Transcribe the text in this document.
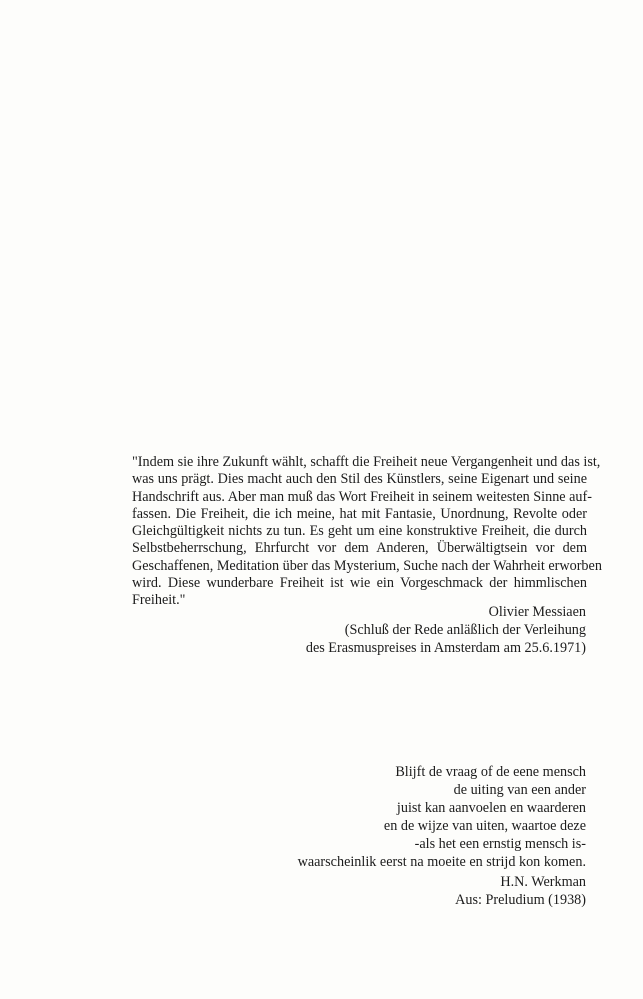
"Indem sie ihre Zukunft wählt, schafft die Freiheit neue Vergangenheit und das ist,
was uns prägt. Dies macht auch den Stil des Künstlers, seine Eigenart und seine
Handschrift aus. Aber man muß das Wort Freiheit in seinem weitesten Sinne auf-
fassen. Die Freiheit, die ich meine, hat mit Fantasie, Unordnung, Revolte oder
Gleichgültigkeit nichts zu tun. Es geht um eine konstruktive Freiheit, die durch
Selbstbeherrschung, Ehrfurcht vor dem Anderen, Überwältigtsein vor dem
Geschaffenen, Meditation über das Mysterium, Suche nach der Wahrheit erworben
wird. Diese wunderbare Freiheit ist wie ein Vorgeschmack der himmlischen
Freiheit."
Olivier Messiaen
(Schluß der Rede anläßlich der Verleihung
des Erasmuspreises in Amsterdam am 25.6.1971)
Blijft de vraag of de eene mensch
de uiting van een ander
juist kan aanvoelen en waarderen
en de wijze van uiten, waartoe deze
-als het een ernstig mensch is-
waarscheinlik eerst na moeite en strijd kon komen.
H.N. Werkman
Aus: Preludium (1938)
